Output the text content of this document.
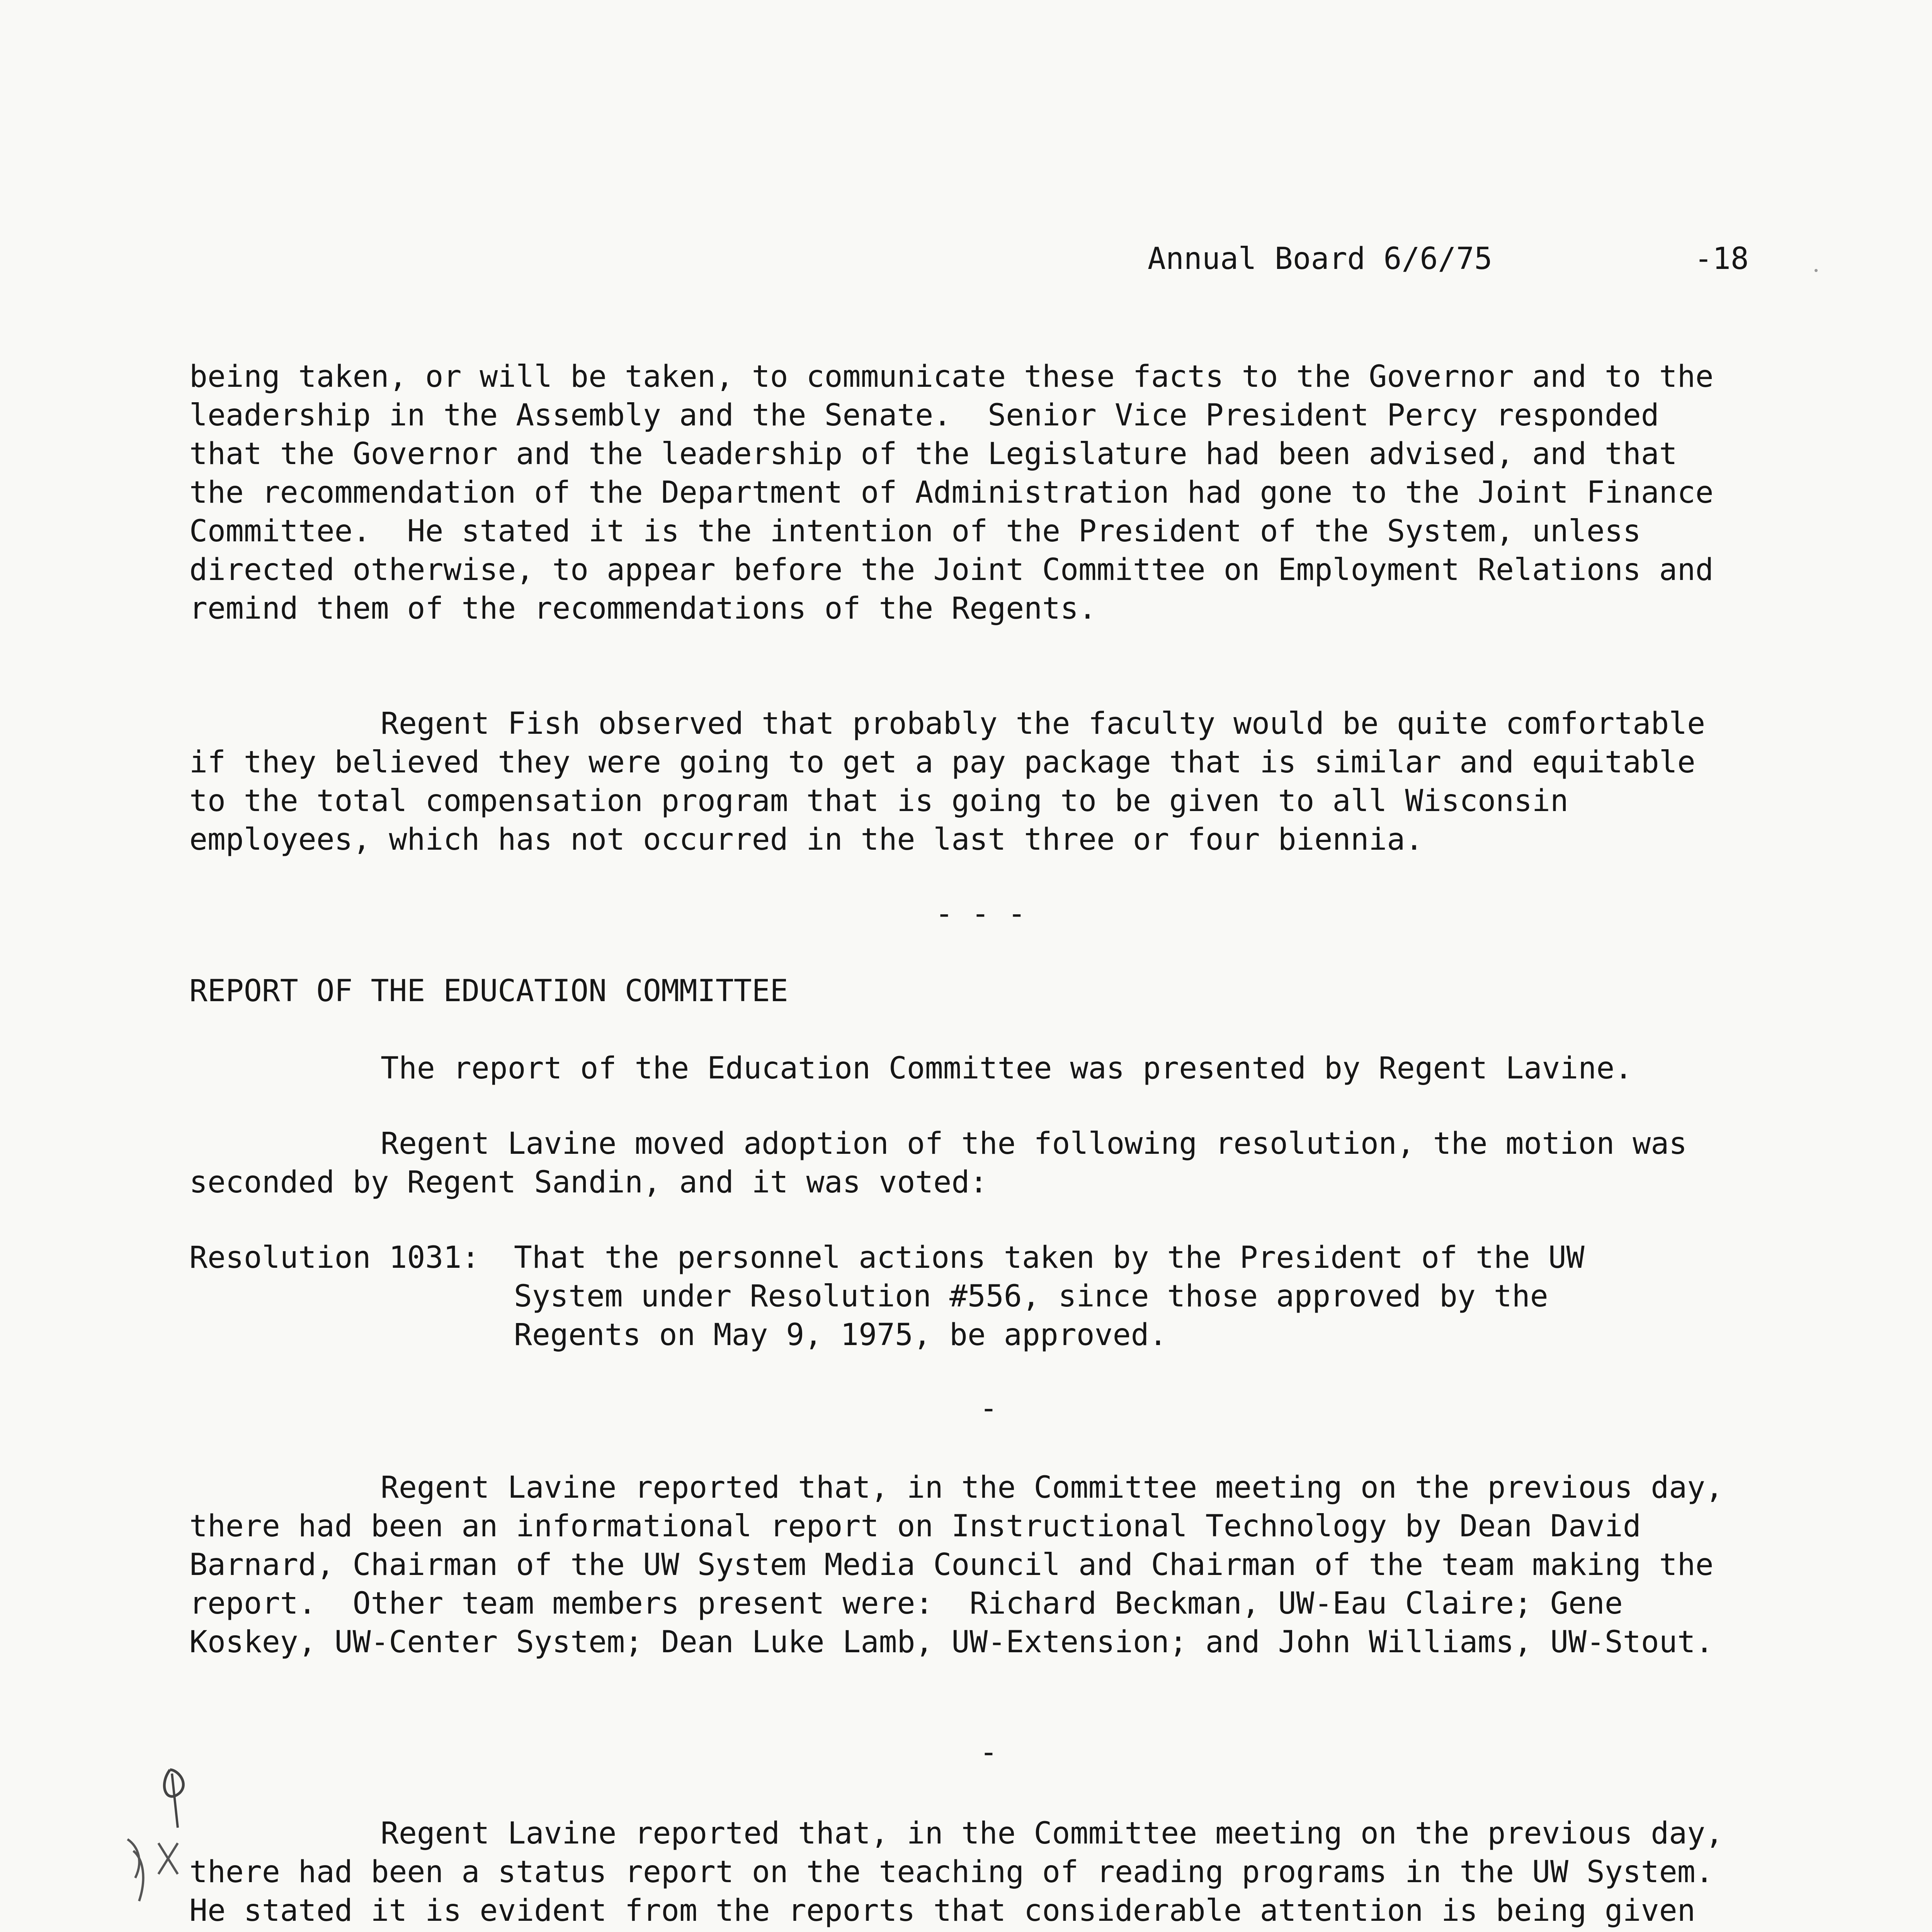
Annual Board 6/6/75

	-18

being taken, or will be taken, to communicate these facts to the Governor and to the leadership in the Assembly and the Senate.  Senior Vice President Percy responded that the Governor and the leadership of the Legislature had been advised, and that the recommendation of the Department of Administration had gone to the Joint Finance Committee.  He stated it is the intention of the President of the System, unless directed otherwise, to appear before the Joint Committee on Employment Relations and remind them of the recommendations of the Regents.
Regent Fish observed that probably the faculty would be quite comfortable if they believed they were going to get a pay package that is similar and equitable to the total compensation program that is going to be given to all Wisconsin employees, which has not occurred in the last three or four biennia.
- - -
REPORT OF THE EDUCATION COMMITTEE
The report of the Education Committee was presented by Regent Lavine.
Regent Lavine moved adoption of the following resolution, the motion was seconded by Regent Sandin, and it was voted:
Resolution 1031: That the personnel actions taken by the President of the UW System under Resolution #556, since those approved by the Regents on May 9, 1975, be approved.
-
Regent Lavine reported that, in the Committee meeting on the previous day, there had been an informational report on Instructional Technology by Dean David Barnard, Chairman of the UW System Media Council and Chairman of the team making the report.  Other team members present were:  Richard Beckman, UW-Eau Claire; Gene Koskey, UW-Center System; Dean Luke Lamb, UW-Extension; and John Williams, UW-Stout.
-
Regent Lavine reported that, in the Committee meeting on the previous day, there had been a status report on the teaching of reading programs in the UW System.  He stated it is evident from the reports that considerable attention is being given
